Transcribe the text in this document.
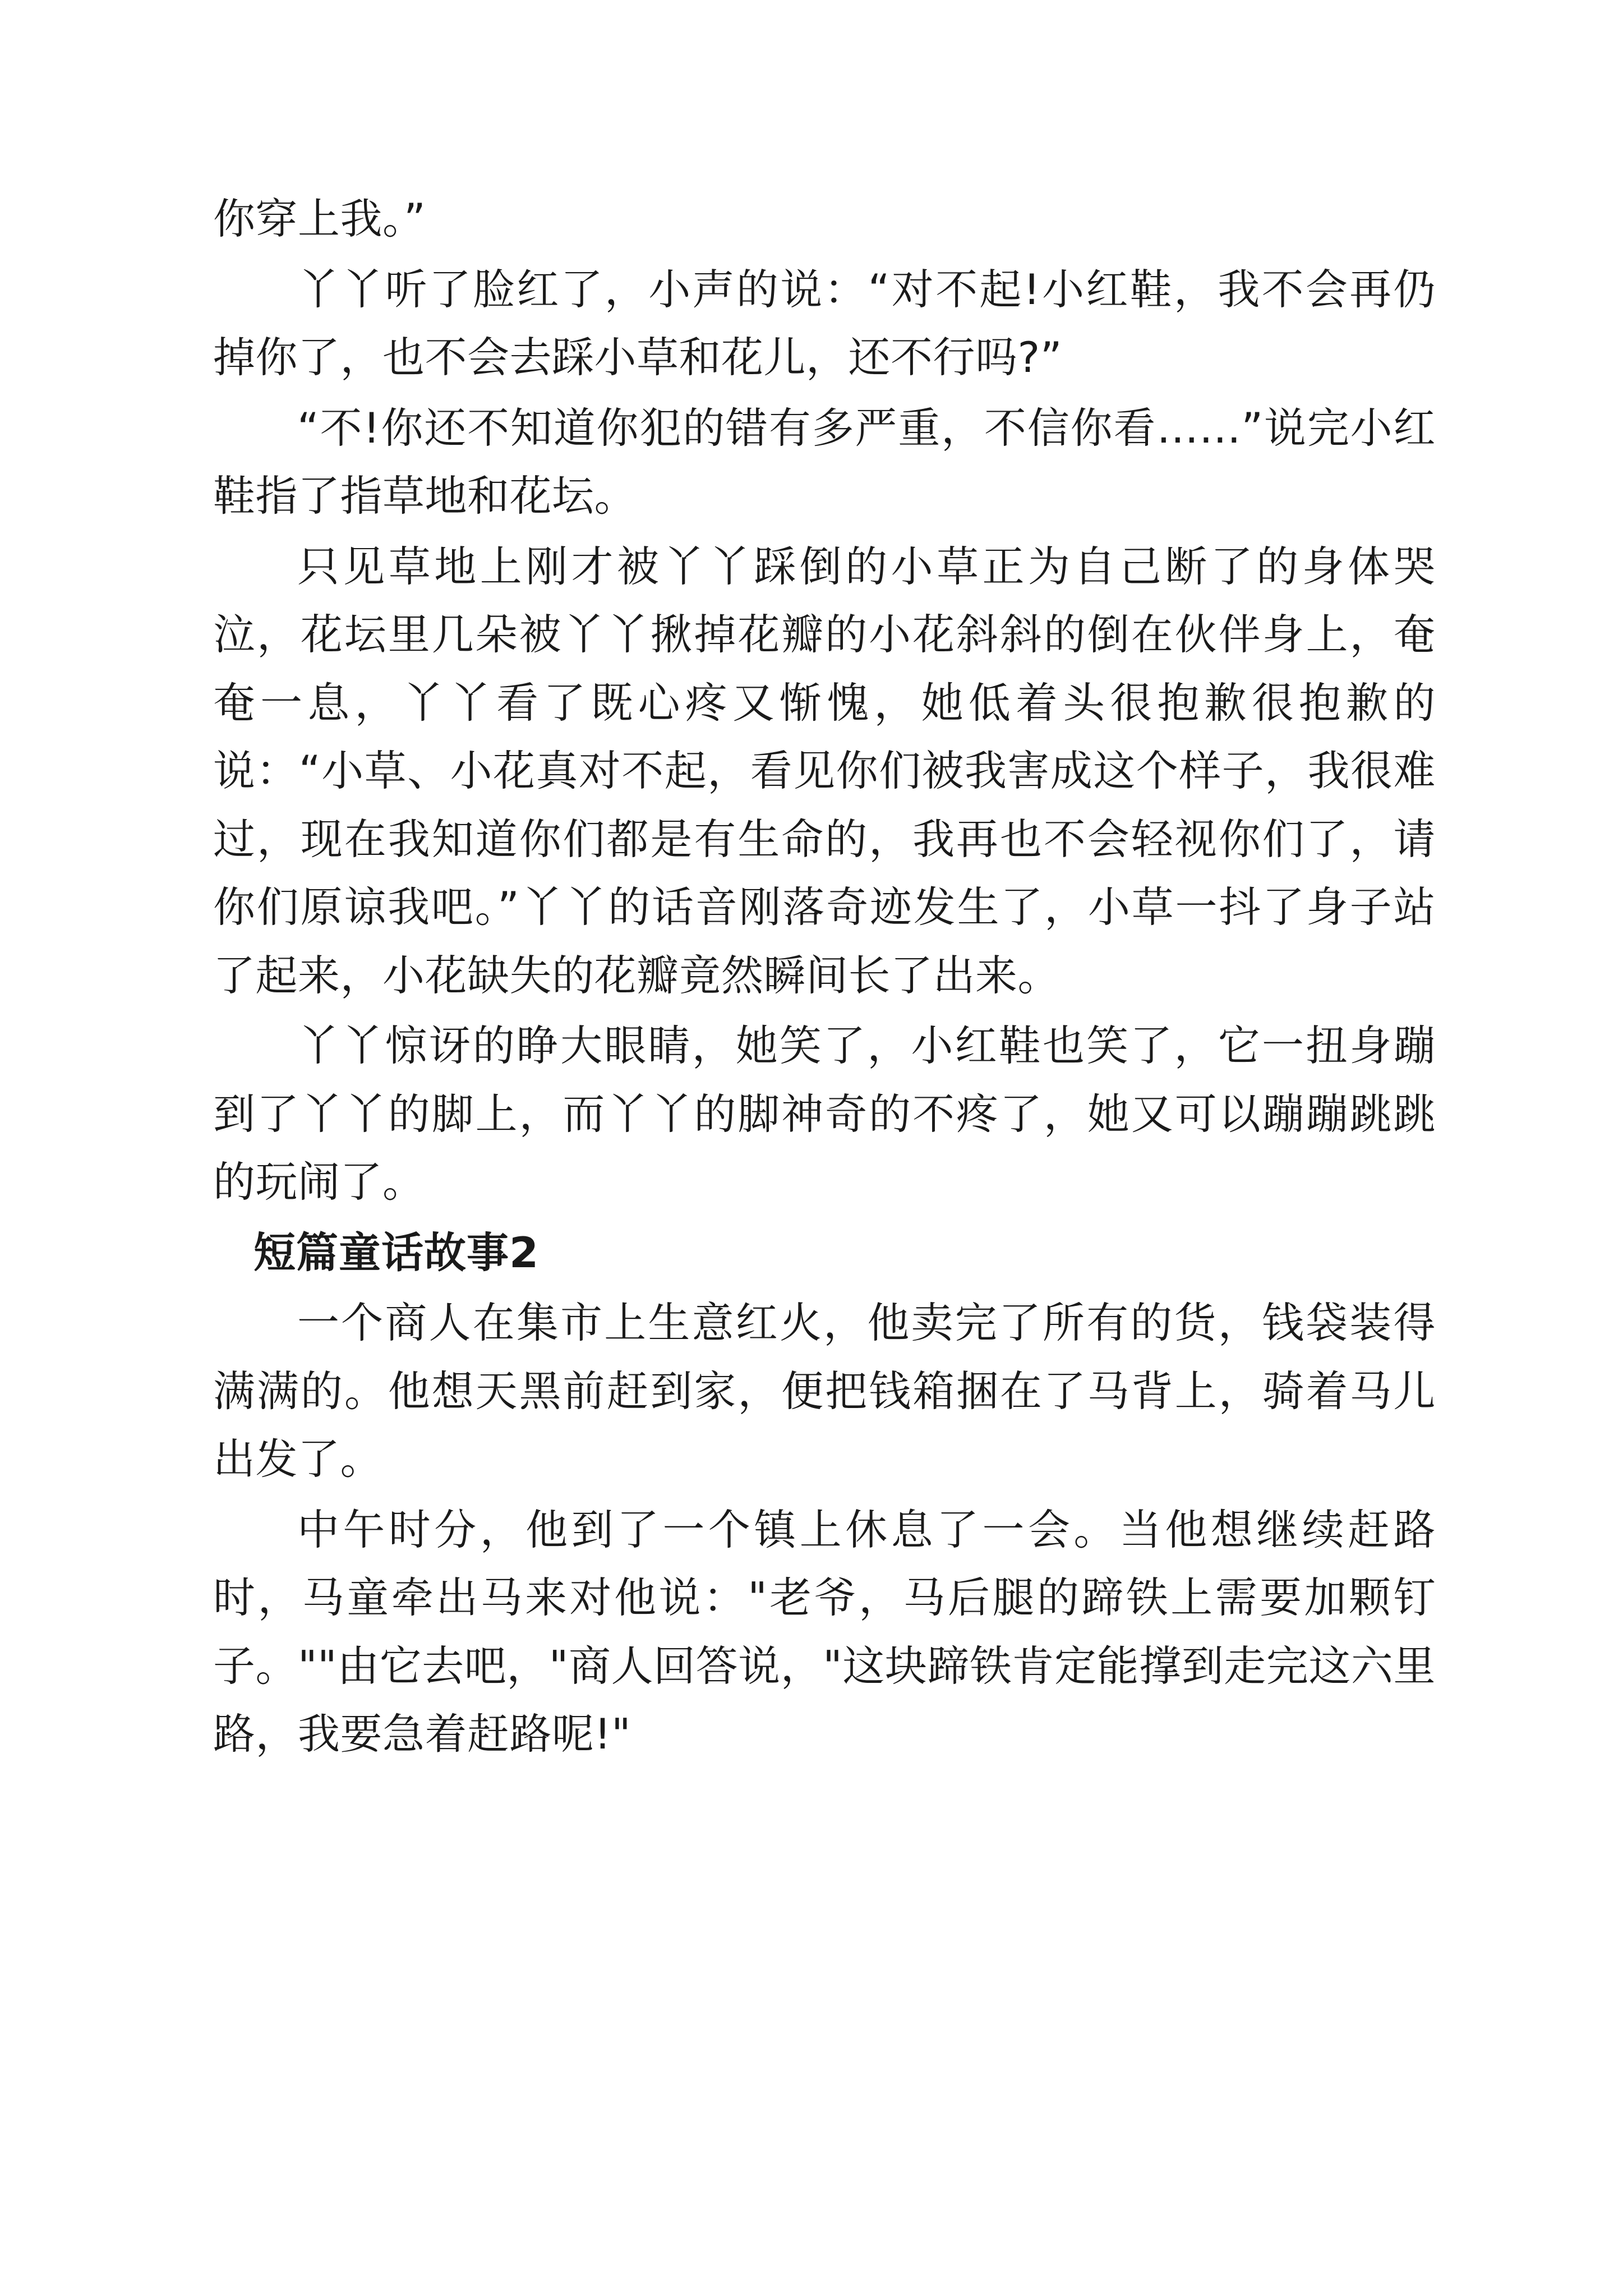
你穿上我。”

丫丫听了脸红了，小声的说：“对不起!小红鞋，我不会再仍掉你了，也不会去踩小草和花儿，还不行吗?”

“不!你还不知道你犯的错有多严重，不信你看……”说完小红鞋指了指草地和花坛。

只见草地上刚才被丫丫踩倒的小草正为自己断了的身体哭泣，花坛里几朵被丫丫揪掉花瓣的小花斜斜的倒在伙伴身上，奄奄一息，丫丫看了既心疼又惭愧，她低着头很抱歉很抱歉的说：“小草、小花真对不起，看见你们被我害成这个样子，我很难过，现在我知道你们都是有生命的，我再也不会轻视你们了，请你们原谅我吧。”丫丫的话音刚落奇迹发生了，小草一抖了身子站了起来，小花缺失的花瓣竟然瞬间长了出来。

丫丫惊讶的睁大眼睛，她笑了，小红鞋也笑了，它一扭身蹦到了丫丫的脚上，而丫丫的脚神奇的不疼了，她又可以蹦蹦跳跳的玩闹了。

短篇童话故事2

一个商人在集市上生意红火，他卖完了所有的货，钱袋装得满满的。他想天黑前赶到家，便把钱箱捆在了马背上，骑着马儿出发了。

中午时分，他到了一个镇上休息了一会。当他想继续赶路时，马童牵出马来对他说："老爷，马后腿的蹄铁上需要加颗钉子。""由它去吧，"商人回答说，"这块蹄铁肯定能撑到走完这六里路，我要急着赶路呢!"
